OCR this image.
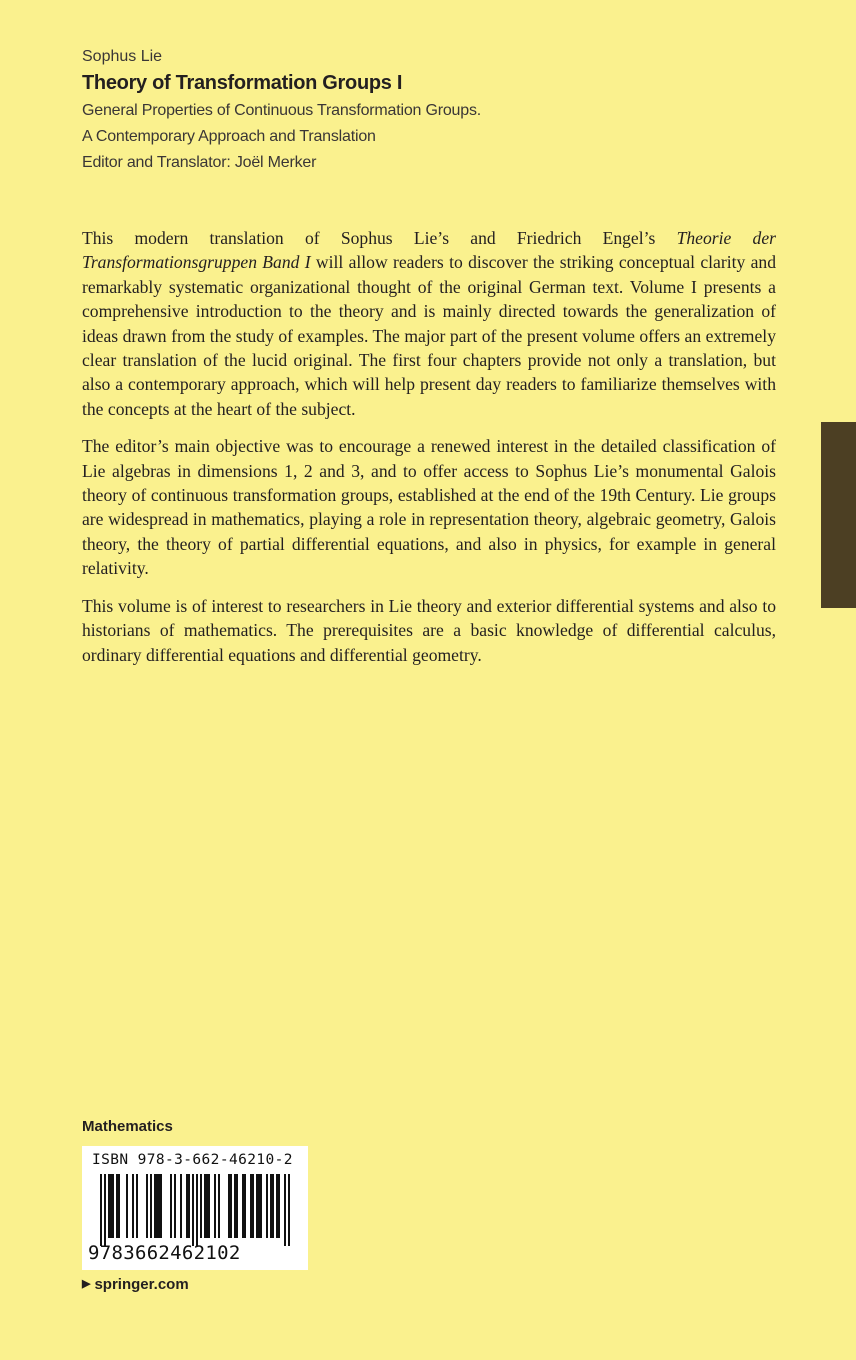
Sophus Lie
Theory of Transformation Groups I
General Properties of Continuous Transformation Groups.
A Contemporary Approach and Translation
Editor and Translator: Joël Merker

This modern translation of Sophus Lie’s and Friedrich Engel’s Theorie der Transformationsgruppen Band I will allow readers to discover the striking conceptual clarity and remarkably systematic organizational thought of the original German text. Volume I presents a comprehensive introduction to the theory and is mainly directed towards the generalization of ideas drawn from the study of examples. The major part of the present volume offers an extremely clear translation of the lucid original. The first four chapters provide not only a translation, but also a contemporary approach, which will help present day readers to familiarize themselves with the concepts at the heart of the subject.

The editor’s main objective was to encourage a renewed interest in the detailed classification of Lie algebras in dimensions 1, 2 and 3, and to offer access to Sophus Lie’s monumental Galois theory of continuous transformation groups, established at the end of the 19th Century. Lie groups are widespread in mathematics, playing a role in representation theory, algebraic geometry, Galois theory, the theory of partial differential equations, and also in physics, for example in general relativity.

This volume is of interest to researchers in Lie theory and exterior differential systems and also to historians of mathematics. The prerequisites are a basic knowledge of differential calculus, ordinary differential equations and differential geometry.

Mathematics
ISBN 978-3-662-46210-2
9783662462102
▶ springer.com
